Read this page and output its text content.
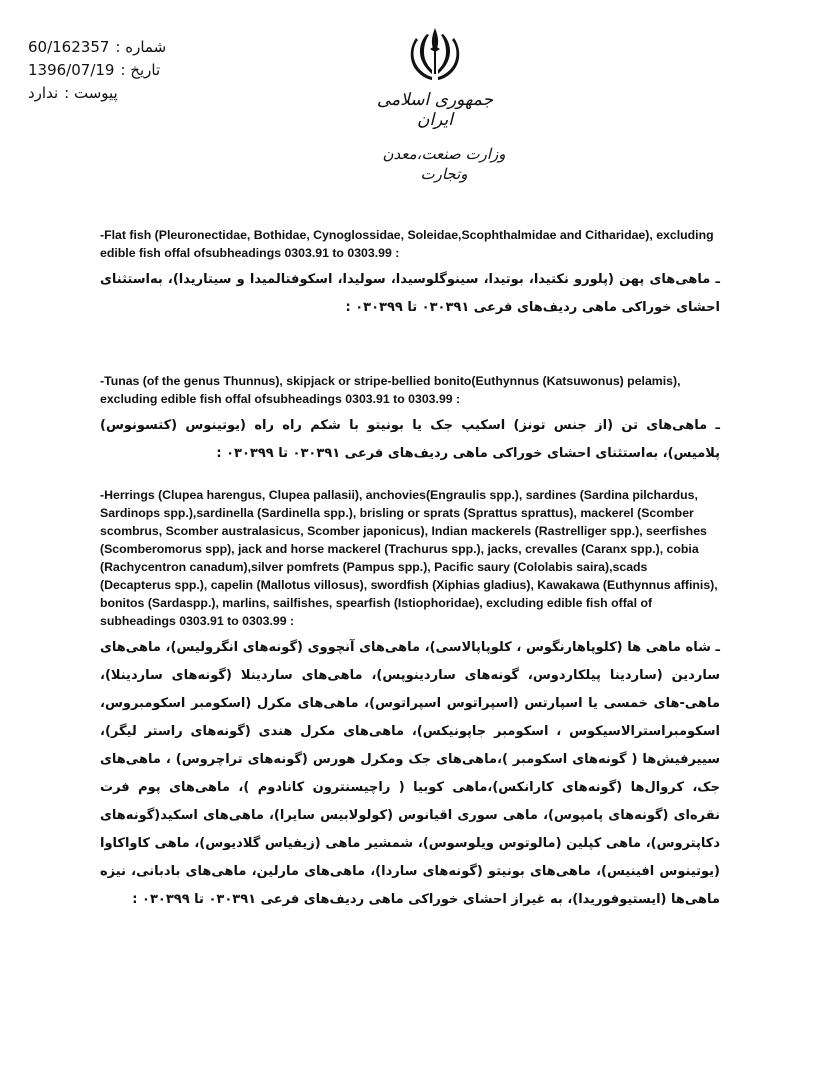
شماره :
60/162357
تاریخ :
1396/07/19
پیوست :
ندارد	جمهوری اسلامی ایران
وزارت صنعت،معدن وتجارت
-Flat fish (Pleuronectidae, Bothidae, Cynoglossidae, Soleidae,Scophthalmidae and Citharidae), excluding edible fish offal ofsubheadings 0303.91 to 0303.99 :
ـ ماهی‌های پهن (پلورو نکتیدا، بوتیدا، سینوگلوسیدا، سولیدا، اسکوفتالمیدا و سیتاریدا)، به‌استثنای احشای خوراکی ماهی ردیف‌های فرعی ۰۳۰۳۹۱ تا ۰۳۰۳۹۹ :
-Tunas (of the genus Thunnus), skipjack or stripe-bellied bonito(Euthynnus (Katsuwonus) pelamis), excluding edible fish offal ofsubheadings 0303.91 to 0303.99 :
ـ ماهی‌های تن (از جنس تونز) اسکیپ جک یا بونیتو با شکم راه راه (یوتینوس (کتسونوس) پلامیس)، به‌استثنای احشای خوراکی ماهی ردیف‌های فرعی ۰۳۰۳۹۱ تا ۰۳۰۳۹۹ :
-Herrings (Clupea harengus, Clupea pallasii), anchovies(Engraulis spp.), sardines (Sardina pilchardus, Sardinops spp.),sardinella (Sardinella spp.), brisling or sprats (Sprattus sprattus), mackerel (Scomber scombrus, Scomber australasicus, Scomber japonicus), Indian mackerels (Rastrelliger spp.), seerfishes (Scomberomorus spp), jack and horse mackerel (Trachurus spp.), jacks, crevalles (Caranx spp.), cobia (Rachycentron canadum),silver pomfrets (Pampus spp.), Pacific saury (Cololabis saira),scads (Decapterus spp.), capelin (Mallotus villosus), swordfish (Xiphias gladius), Kawakawa (Euthynnus affinis), bonitos (Sardaspp.), marlins, sailfishes, spearfish (Istiophoridae), excluding edible fish offal of subheadings 0303.91 to 0303.99 :
ـ شاه ماهی ها (کلوپاهارنگوس ، کلوپاپالاسی)، ماهی‌های آنچووی (گونه‌های انگرولیس)، ماهی‌های ساردین (ساردینا پیلکاردوس، گونه‌های ساردینوپس)، ماهی‌های ساردینلا (گونه‌های ساردینلا)، ماهی-های خمسی یا اسپارتس (اسپراتوس اسپراتوس)، ماهی‌های مکرل (اسکومبر اسکومبروس، اسکومبراسترالاسیکوس ، اسکومبر جاپونیکس)، ماهی‌های مکرل هندی (گونه‌های راستر لیگر)، سییرفیش‌ها ( گونه‌های اسکومبر )،ماهی‌های جک ومکرل هورس (گونه‌های تراچروس) ، ماهی‌های جک، کروال‌ها (گونه‌های کارانکس)،ماهی کوبیا ( راچیسنترون کانادوم )، ماهی‌های پوم فرت نقره‌ای (گونه‌های پامپوس)، ماهی سوری اقیانوس (کولولابیس سایرا)، ماهی‌های اسکید(گونه‌های دکاپتروس)، ماهی کپلین (مالوتوس ویلوسوس)، شمشیر ماهی (زیفیاس گلادیوس)، ماهی کاواکاوا (یوتینوس افینیس)، ماهی‌های بونیتو (گونه‌های ساردا)، ماهی‌های مارلین، ماهی‌های بادبانی، نیزه ماهی‌ها (ایستیوفوریدا)، به غیراز احشای خوراکی ماهی ردیف‌های فرعی ۰۳۰۳۹۱ تا ۰۳۰۳۹۹ :
